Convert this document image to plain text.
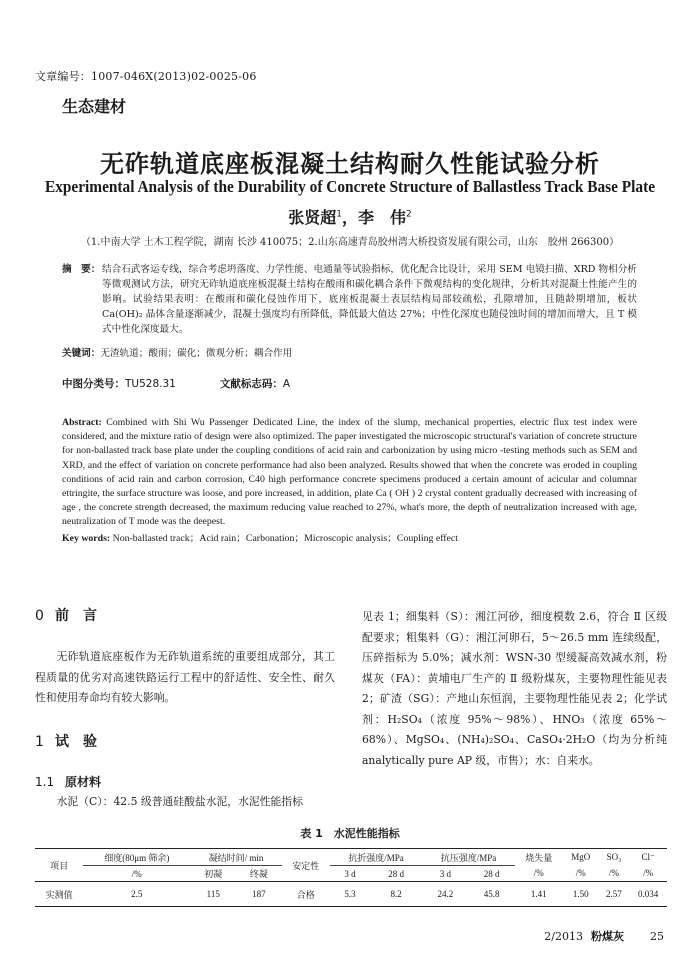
文章编号：1007-046X(2013)02-0025-06
生态建材
无砟轨道底座板混凝土结构耐久性能试验分析
Experimental Analysis of the Durability of Concrete Structure of Ballastless Track Base Plate
张贤超$^1$，李　伟$^2$
（1.中南大学 土木工程学院，湖南 长沙 410075；2.山东高速青岛胶州湾大桥投资发展有限公司，山东　胶州 266300）
摘　要： 结合石武客运专线，综合考虑坍落度、力学性能、电通量等试验指标，优化配合比设计，采用 SEM 电镜扫描、XRD 物相分析等微观测试方法，研究无砟轨道底座板混凝土结构在酸雨和碳化耦合条件下微观结构的变化规律，分析其对混凝土性能产生的影响。试验结果表明：在酸雨和碳化侵蚀作用下，底座板混凝土表层结构局部较疏松，孔隙增加，且随龄期增加，板状 Ca(OH)₂ 晶体含量逐渐减少，混凝土强度均有所降低，降低最大值达 27%；中性化深度也随侵蚀时间的增加而增大，且 T 模式中性化深度最大。
关键词：无渣轨道；酸雨；碳化；微观分析；耦合作用
中图分类号：TU528.31	文献标志码：A
Abstract: Combined with Shi Wu Passenger Dedicated Line, the index of the slump, mechanical properties, electric flux test index were considered, and the mixture ratio of design were also optimized. The paper investigated the microscopic structural's variation of concrete structure for non-ballasted track base plate under the coupling conditions of acid rain and carbonization by using micro -testing methods such as SEM and XRD, and the effect of variation on concrete performance had also been analyzed. Results showed that when the concrete was eroded in coupling conditions of acid rain and carbon corrosion, C40 high performance concrete specimens produced a certain amount of acicular and columnar ettringite, the surface structure was loose, and pore increased, in addition, plate Ca ( OH ) 2 crystal content gradually decreased with increasing of age , the concrete strength decreased, the maximum reducing value reached to 27%, what's more, the depth of neutralization increased with age, neutralization of T mode was the deepest.
Key words: Non-ballasted track；Acid rain；Carbonation；Microscopic analysis；Coupling effect
0 前　言
无砟轨道底座板作为无砟轨道系统的重要组成部分，其工程质量的优劣对高速铁路运行工程中的舒适性、安全性、耐久性和使用寿命均有较大影响。
1 试　验
1.1 原材料
水泥（C）：42.5 级普通硅酸盐水泥，水泥性能指标
见表 1；细集料（S）：湘江河砂，细度模数 2.6，符合 Ⅱ 区级配要求；粗集料（G）：湘江河卵石，5～26.5 mm 连续级配，压碎指标为 5.0%；减水剂：WSN-30 型缓凝高效减水剂，粉煤灰（FA）：黄埔电厂生产的 Ⅱ 级粉煤灰，主要物理性能见表 2；矿渣（SG）：产地山东恒润，主要物理性能见表 2；化学试剂：H₂SO₄（浓度 95%～98%）、HNO₃（浓度 65%～68%）、MgSO₄、(NH₄)₂SO₄、CaSO₄·2H₂O（均为分析纯 analytically pure AP 级，市售）；水：自来水。
表 1　水泥性能指标
项目	细度(80μm 筛余)	凝结时间/ min		安定性	抗折强度/MPa		抗压强度/MPa		烧失量	MgO	SO₃	Cl⁻
	/%	初凝	终凝		3 d	28 d	3 d	28 d	/%	/%	/%	/%
实测值	2.5	115	187	合格	5.3	8.2	24.2	45.8	1.41	1.50	2.57	0.034
2/2013 粉煤灰 25
